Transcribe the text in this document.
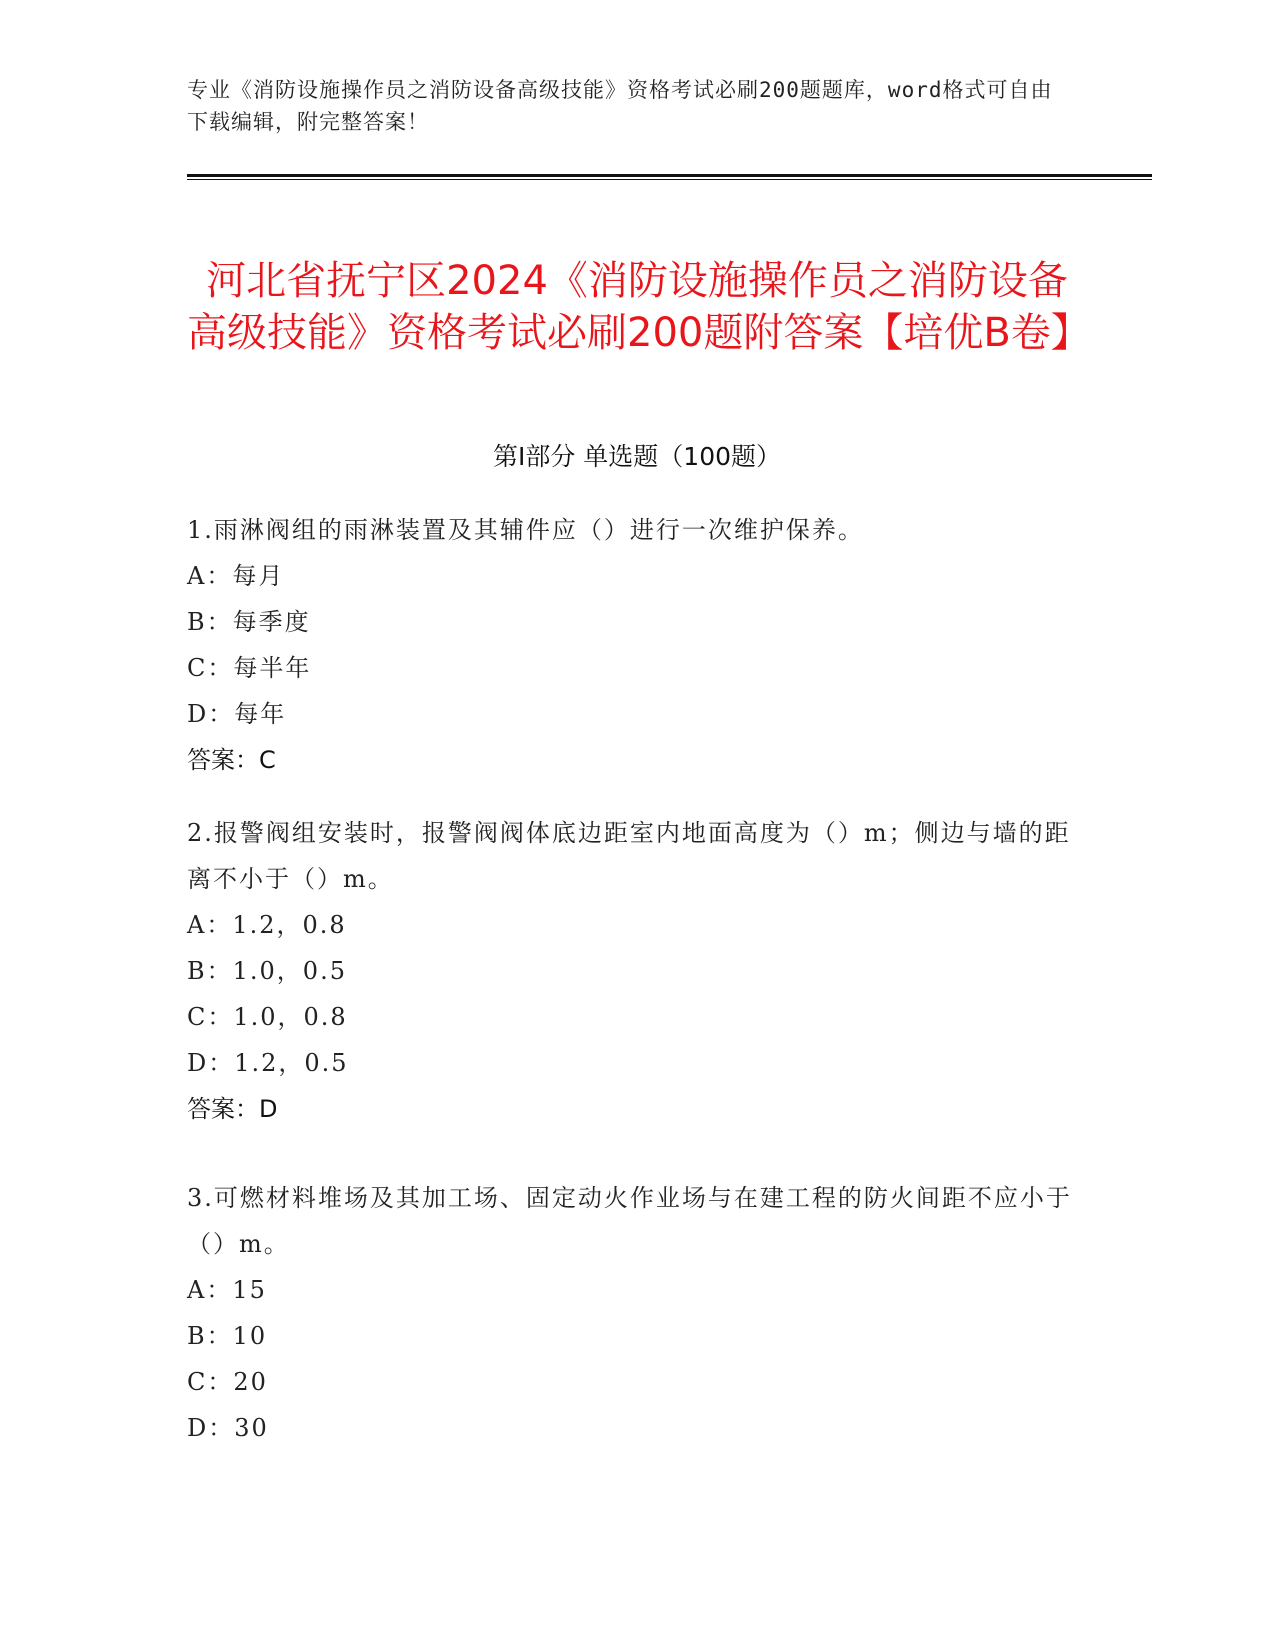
专业《消防设施操作员之消防设备高级技能》资格考试必刷200题题库，word格式可自由下载编辑，附完整答案！
河北省抚宁区2024《消防设施操作员之消防设备高级技能》资格考试必刷200题附答案【培优B卷】
第I部分 单选题（100题）
1.雨淋阀组的雨淋装置及其辅件应（）进行一次维护保养。
A：每月
B：每季度
C：每半年
D：每年
答案：C
2.报警阀组安装时，报警阀阀体底边距室内地面高度为（）m；侧边与墙的距离不小于（）m。
A：1.2，0.8
B：1.0，0.5
C：1.0，0.8
D：1.2，0.5
答案：D
3.可燃材料堆场及其加工场、固定动火作业场与在建工程的防火间距不应小于（）m。
A：15
B：10
C：20
D：30
